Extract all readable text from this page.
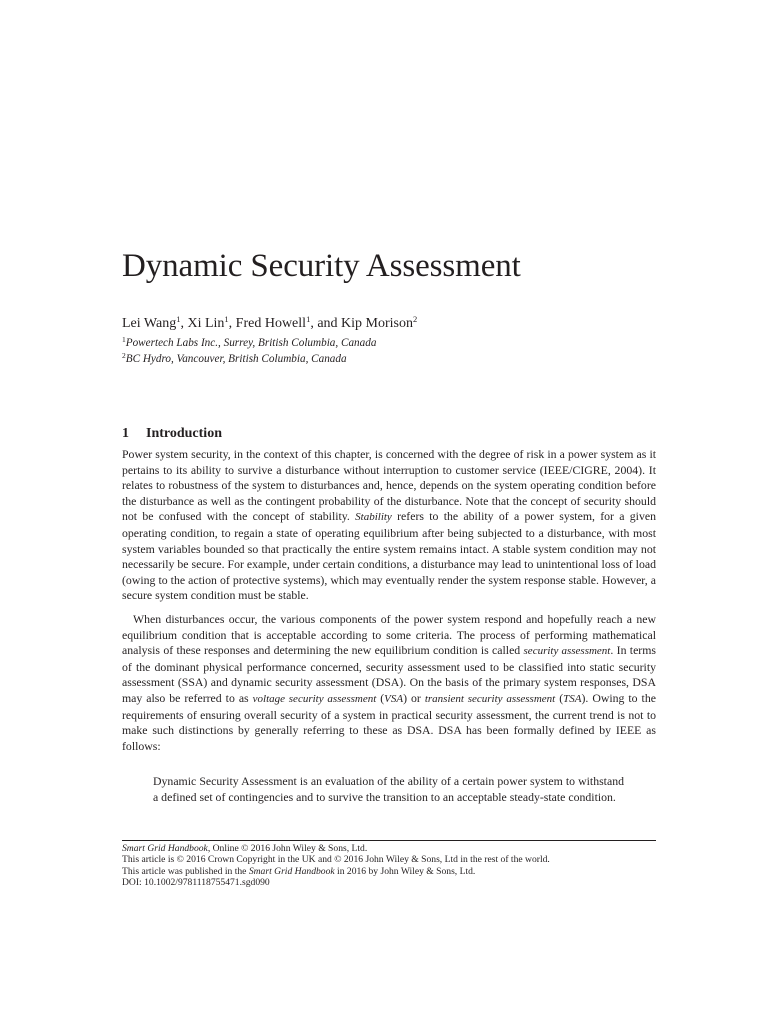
Dynamic Security Assessment

Lei Wang$^1$, Xi Lin$^1$, Fred Howell$^1$, and Kip Morison$^2$

$^1$Powertech Labs Inc., Surrey, British Columbia, Canada

$^2$BC Hydro, Vancouver, British Columbia, Canada

1 Introduction

Power system security, in the context of this chapter, is concerned with the degree of risk in a power system as it pertains to its ability to survive a disturbance without interruption to customer service (IEEE/CIGRE, 2004). It relates to robustness of the system to disturbances and, hence, depends on the system operating condition before the disturbance as well as the contingent probability of the disturbance. Note that the concept of security should not be confused with the concept of stability. Stability refers to the ability of a power system, for a given operating condition, to regain a state of operating equilibrium after being subjected to a disturbance, with most system variables bounded so that practically the entire system remains intact. A stable system condition may not necessarily be secure. For example, under certain conditions, a disturbance may lead to unintentional loss of load (owing to the action of protective systems), which may eventually render the system response stable. However, a secure system condition must be stable.

When disturbances occur, the various components of the power system respond and hopefully reach a new equilibrium condition that is acceptable according to some criteria. The process of performing mathematical analysis of these responses and determining the new equilibrium condition is called security assessment. In terms of the dominant physical performance concerned, security assessment used to be classified into static security assessment (SSA) and dynamic security assessment (DSA). On the basis of the primary system responses, DSA may also be referred to as voltage security assessment (VSA) or transient security assessment (TSA). Owing to the requirements of ensuring overall security of a system in practical security assessment, the current trend is not to make such distinctions by generally referring to these as DSA. DSA has been formally defined by IEEE as follows:

Dynamic Security Assessment is an evaluation of the ability of a certain power system to withstand a defined set of contingencies and to survive the transition to an acceptable steady-state condition.

Smart Grid Handbook, Online © 2016 John Wiley & Sons, Ltd.
This article is © 2016 Crown Copyright in the UK and © 2016 John Wiley & Sons, Ltd in the rest of the world.
This article was published in the Smart Grid Handbook in 2016 by John Wiley & Sons, Ltd.
DOI: 10.1002/9781118755471.sgd090
